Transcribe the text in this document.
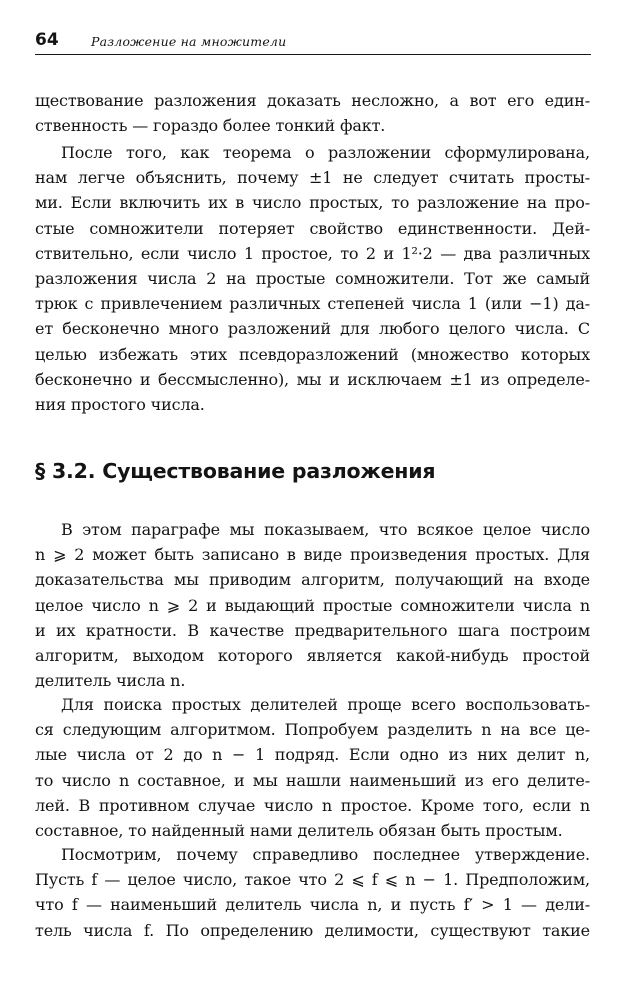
64	Разложение на множители
ществование разложения доказать несложно, а вот его един-
ственность — гораздо более тонкий факт.
После того, как теорема о разложении сформулирована,
нам легче объяснить, почему ±1 не следует считать просты-
ми. Если включить их в число простых, то разложение на про-
стые сомножители потеряет свойство единственности. Дей-
ствительно, если число 1 простое, то 2 и 1²·2 — два различных
разложения числа 2 на простые сомножители. Тот же самый
трюк с привлечением различных степеней числа 1 (или −1) да-
ет бесконечно много разложений для любого целого числа. С
целью избежать этих псевдоразложений (множество которых
бесконечно и бессмысленно), мы и исключаем ±1 из определе-
ния простого числа.
§ 3.2. Существование разложения
В этом параграфе мы показываем, что всякое целое число
n ⩾ 2 может быть записано в виде произведения простых. Для
доказательства мы приводим алгоритм, получающий на входе
целое число n ⩾ 2 и выдающий простые сомножители числа n
и их кратности. В качестве предварительного шага построим
алгоритм, выходом которого является какой-нибудь простой
делитель числа n.
Для поиска простых делителей проще всего воспользовать-
ся следующим алгоритмом. Попробуем разделить n на все це-
лые числа от 2 до n − 1 подряд. Если одно из них делит n,
то число n составное, и мы нашли наименьший из его делите-
лей. В противном случае число n простое. Кроме того, если n
составное, то найденный нами делитель обязан быть простым.
Посмотрим, почему справедливо последнее утверждение.
Пусть f — целое число, такое что 2 ⩽ f ⩽ n − 1. Предположим,
что f — наименьший делитель числа n, и пусть f′ > 1 — дели-
тель числа f. По определению делимости, существуют такие
